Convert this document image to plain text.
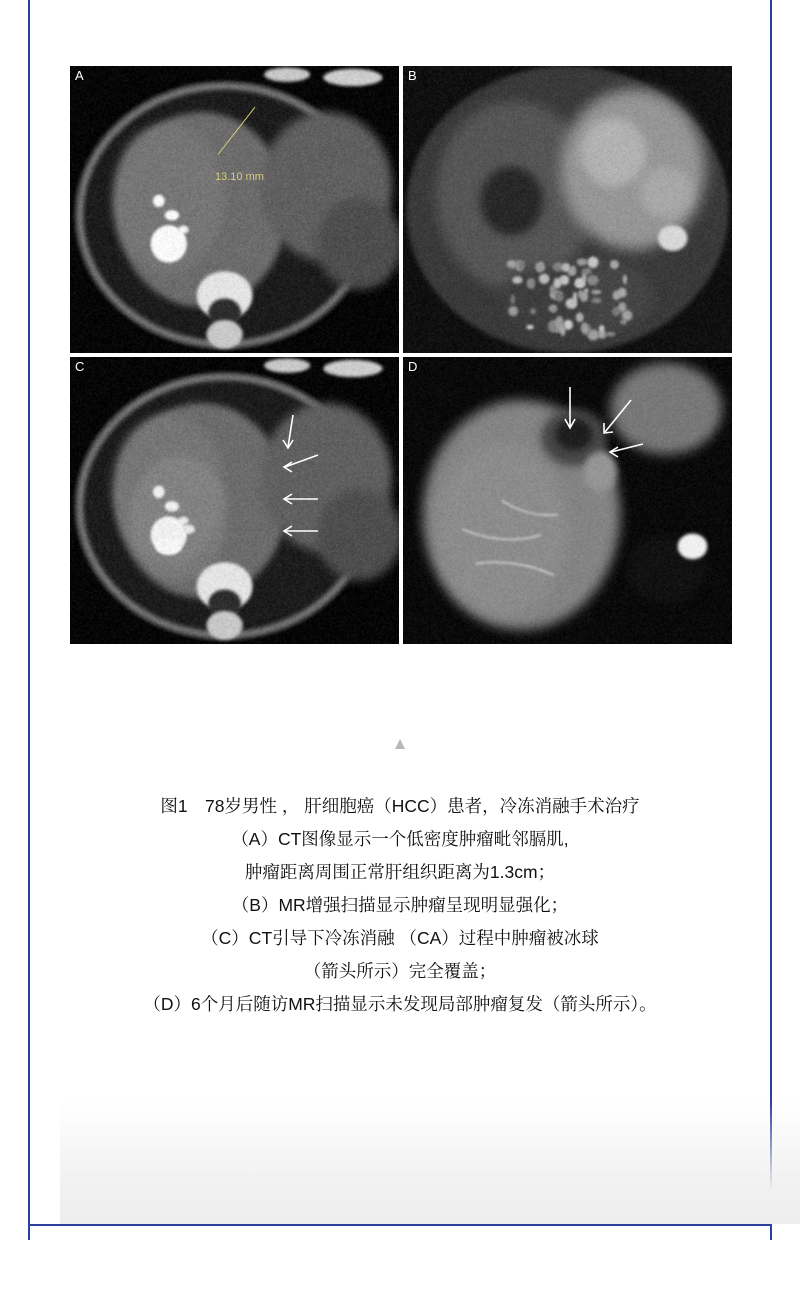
A
13.10 mm
B
C	D
▲
图1　78岁男性 ， 肝细胞癌（HCC）患者，冷冻消融手术治疗
（A）CT图像显示一个低密度肿瘤毗邻膈肌,
肿瘤距离周围正常肝组织距离为1.3cm；
（B）MR增强扫描显示肿瘤呈现明显强化；
（C）CT引导下冷冻消融 （CA）过程中肿瘤被冰球
（箭头所示）完全覆盖；
（D）6个月后随访MR扫描显示未发现局部肿瘤复发（箭头所示）。
